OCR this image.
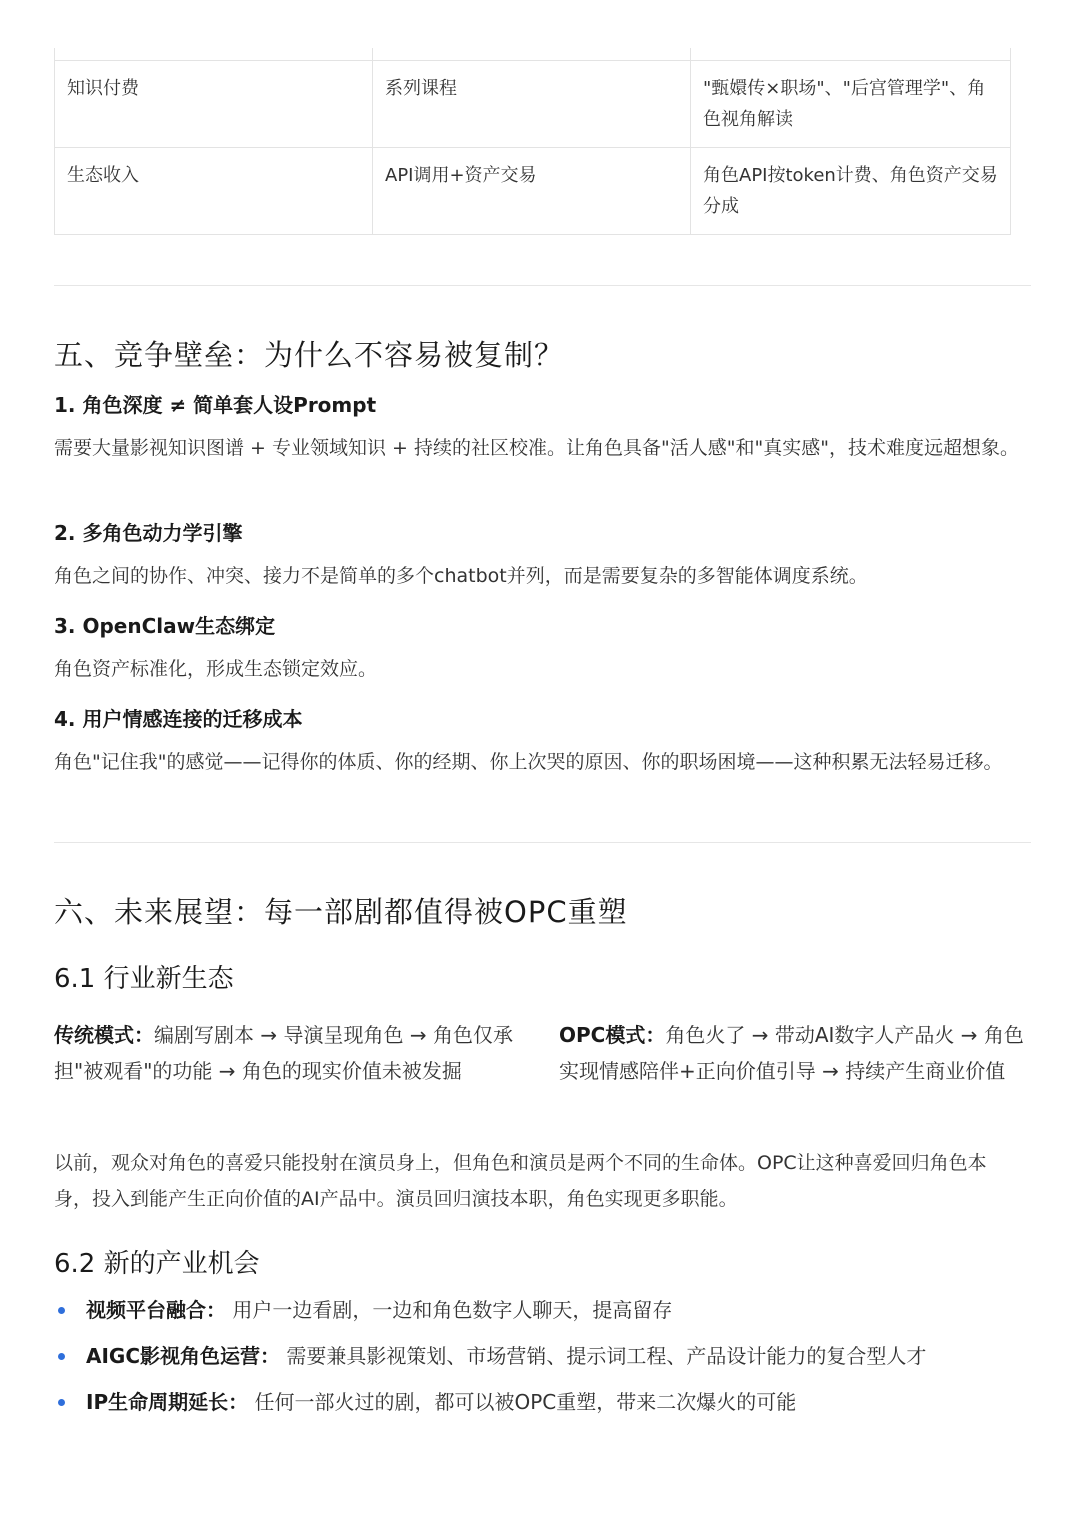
知识付费	系列课程	"甄嬛传×职场"、"后宫管理学"、角色视角解读
生态收入	API调用+资产交易	角色API按token计费、角色资产交易分成
五、竞争壁垒：为什么不容易被复制？
1. 角色深度 ≠ 简单套人设Prompt

需要大量影视知识图谱 + 专业领域知识 + 持续的社区校准。让角色具备"活人感"和"真实感"，技术难度远超想象。

2. 多角色动力学引擎

角色之间的协作、冲突、接力不是简单的多个chatbot并列，而是需要复杂的多智能体调度系统。

3. OpenClaw生态绑定

角色资产标准化，形成生态锁定效应。

4. 用户情感连接的迁移成本

角色"记住我"的感觉——记得你的体质、你的经期、你上次哭的原因、你的职场困境——这种积累无法轻易迁移。

六、未来展望：每一部剧都值得被OPC重塑
6.1 行业新生态
传统模式：编剧写剧本 → 导演呈现角色 → 角色仅承担"被观看"的功能 → 角色的现实价值未被发掘
OPC模式：角色火了 → 带动AI数字人产品火 → 角色实现情感陪伴+正向价值引导 → 持续产生商业价值

以前，观众对角色的喜爱只能投射在演员身上，但角色和演员是两个不同的生命体。OPC让这种喜爱回归角色本身，投入到能产生正向价值的AI产品中。演员回归演技本职，角色实现更多职能。

6.2 新的产业机会
视频平台融合： 用户一边看剧，一边和角色数字人聊天，提高留存
AIGC影视角色运营： 需要兼具影视策划、市场营销、提示词工程、产品设计能力的复合型人才
IP生命周期延长： 任何一部火过的剧，都可以被OPC重塑，带来二次爆火的可能
